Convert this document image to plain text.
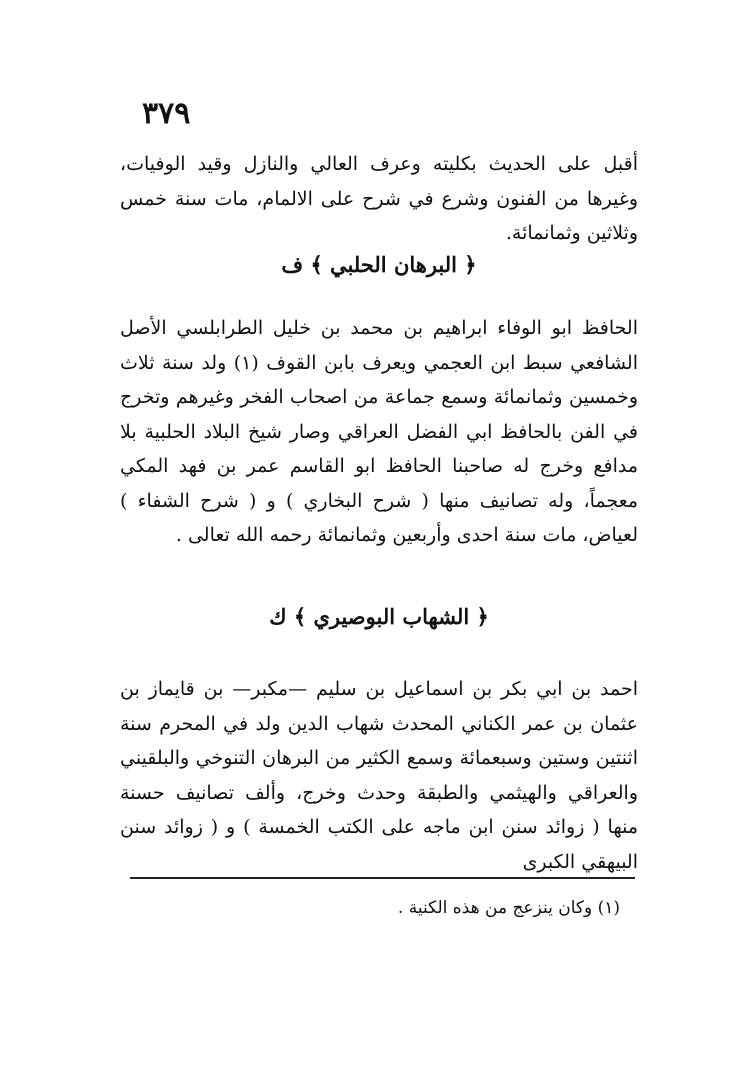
٣٧٩

أقبل على الحديث بكليته وعرف العالي والنازل وقيد الوفيات، وغيرها من الفنون وشرع في شرح على الالمام، مات سنة خمس وثلاثين وثمانمائة.

﴿ البرهان الحلبي ﴾ ف

الحافظ ابو الوفاء ابراهيم بن محمد بن خليل الطرابلسي الأصل الشافعي سبط ابن العجمي ويعرف بابن القوف (١) ولد سنة ثلاث وخمسين وثمانمائة وسمع جماعة من اصحاب الفخر وغيرهم وتخرج في الفن بالحافظ ابي الفضل العراقي وصار شيخ البلاد الحلبية بلا مدافع وخرج له صاحبنا الحافظ ابو القاسم عمر بن فهد المكي معجماً، وله تصانيف منها ( شرح البخاري ) و ( شرح الشفاء ) لعياض، مات سنة احدى وأربعين وثمانمائة رحمه الله تعالى .

﴿ الشهاب البوصيري ﴾ ك

احمد بن ابي بكر بن اسماعيل بن سليم —مكبر— بن قايماز بن عثمان بن عمر الكناني المحدث شهاب الدين ولد في المحرم سنة اثنتين وستين وسبعمائة وسمع الكثير من البرهان التنوخي والبلقيني والعراقي والهيثمي والطبقة وحدث وخرج، وألف تصانيف حسنة منها ( زوائد سنن ابن ماجه على الكتب الخمسة ) و ( زوائد سنن البيهقي الكبرى

(١) وكان ينزعج من هذه الكنية .
